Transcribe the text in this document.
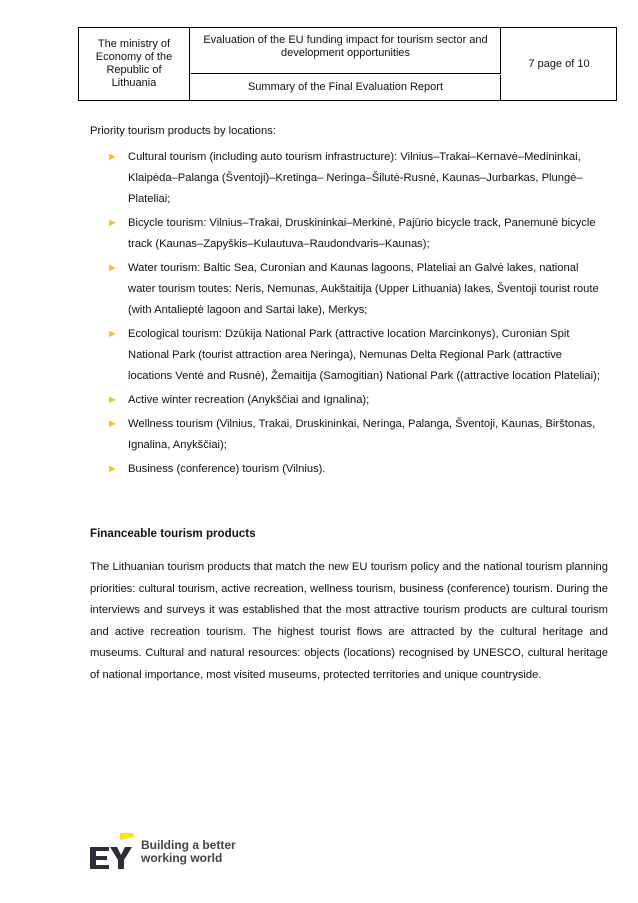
The ministry of Economy of the Republic of Lithuania
Evaluation of the EU funding impact for tourism sector and development opportunities
Summary of the Final Evaluation Report
7 page of 10

Priority tourism products by locations:

► Cultural tourism (including auto tourism infrastructure): Vilnius–Trakai–Kernavė–Medininkai, Klaipėda–Palanga (Šventoji)–Kretinga– Neringa–Šilutė-Rusnė, Kaunas–Jurbarkas, Plungė–Plateliai;
► Bicycle tourism: Vilnius–Trakai, Druskininkai–Merkinė, Pajūrio bicycle track, Panemunė bicycle track (Kaunas–Zapyškis–Kulautuva–Raudondvaris–Kaunas);
► Water tourism: Baltic Sea, Curonian and Kaunas lagoons, Plateliai an Galvė lakes, national water tourism toutes: Neris, Nemunas, Aukštaitija (Upper Lithuania) lakes, Šventoji tourist route (with Antalieptė lagoon and Sartai lake), Merkys;
► Ecological tourism: Dzūkija National Park (attractive location Marcinkonys), Curonian Spit National Park (tourist attraction area Neringa), Nemunas Delta Regional Park (attractive locations Ventė and Rusnė), Žemaitija (Samogitian) National Park ((attractive location Plateliai);
► Active winter recreation (Anykščiai and Ignalina);
► Wellness tourism (Vilnius, Trakai, Druskininkai, Neringa, Palanga, Šventoji, Kaunas, Birštonas, Ignalina, Anykščiai);
► Business (conference) tourism (Vilnius).
Financeable tourism products

The Lithuanian tourism products that match the new EU tourism policy and the national tourism planning priorities: cultural tourism, active recreation, wellness tourism, business (conference) tourism. During the interviews and surveys it was established that the most attractive tourism products are cultural tourism and active recreation tourism. The highest tourist flows are attracted by the cultural heritage and museums. Cultural and natural resources: objects (locations) recognised by UNESCO, cultural heritage of national importance, most visited museums, protected territories and unique countryside.

Building a better
working world
